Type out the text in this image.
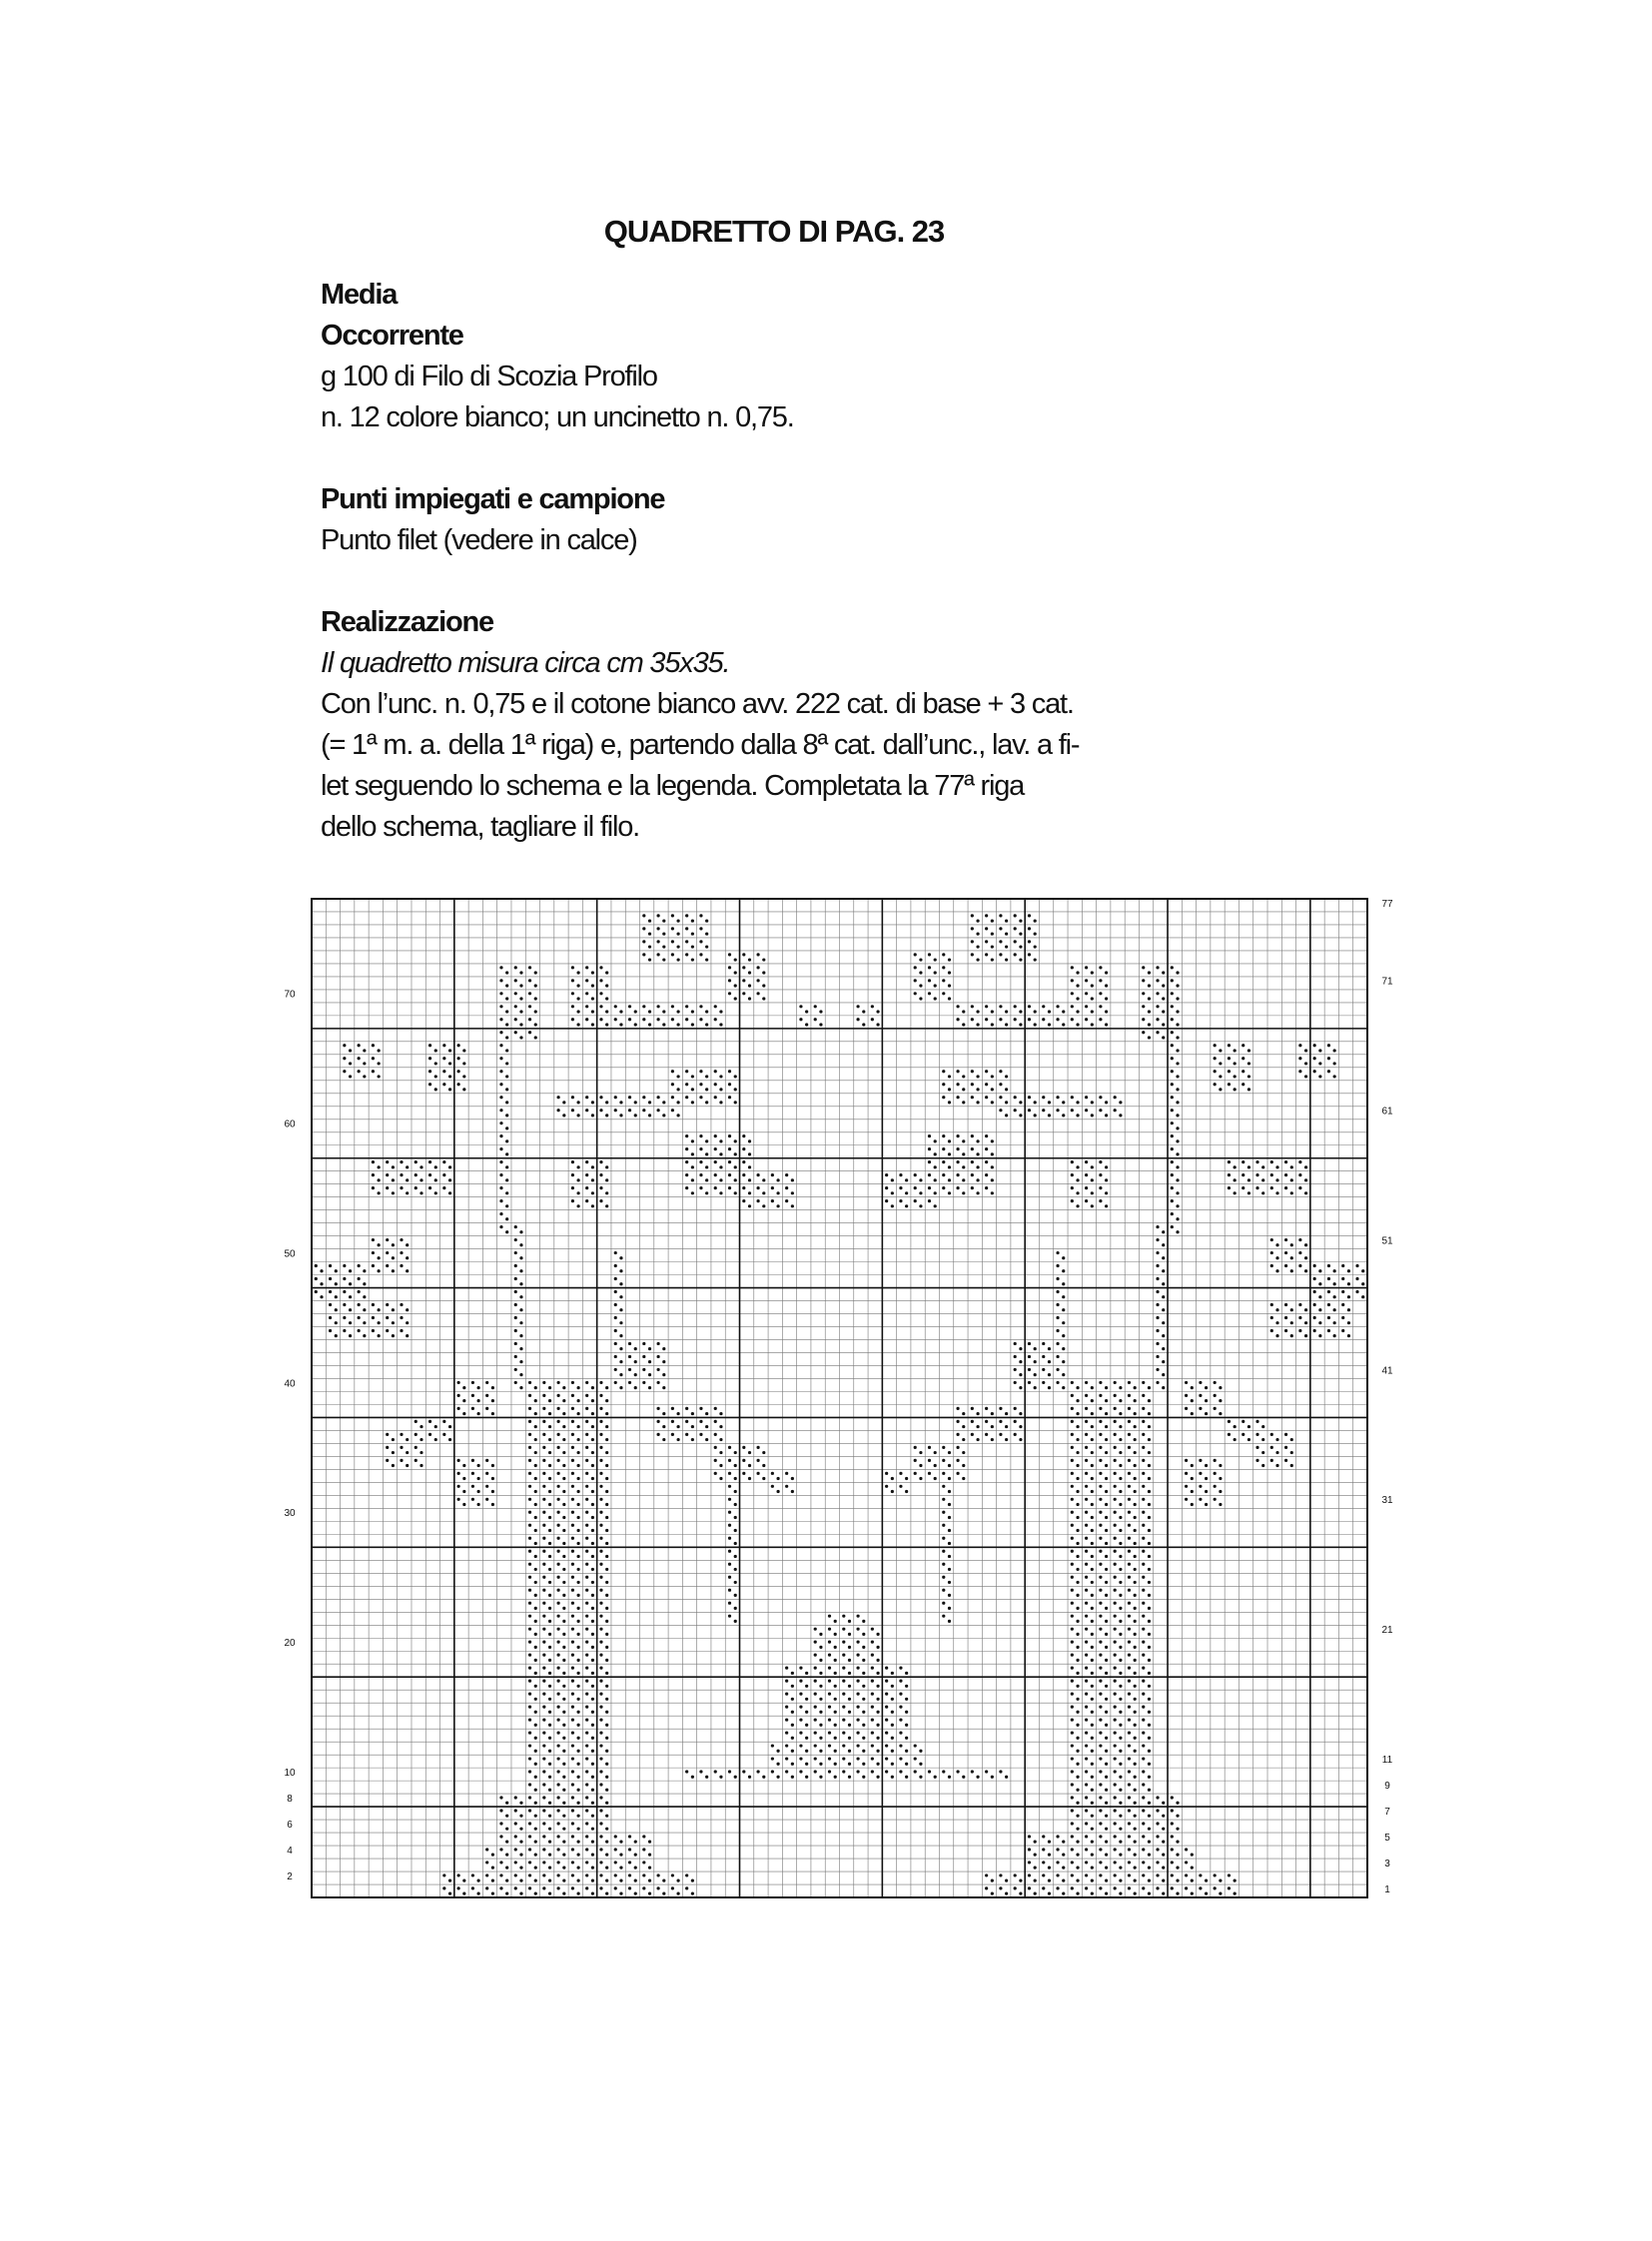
QUADRETTO DI PAG. 23
Media
Occorrente
g 100 di Filo di Scozia Profilo
n. 12 colore bianco; un uncinetto n. 0,75.
Punti impiegati e campione
Punto filet (vedere in calce)
Realizzazione
Il quadretto misura circa cm 35x35.
Con l’unc. n. 0,75 e il cotone bianco avv. 222 cat. di base + 3 cat.
(= 1ª m. a. della 1ª riga) e, partendo dalla 8ª cat. dall’unc., lav. a fi-
let seguendo lo schema e la legenda. Completata la 77ª riga
dello schema, tagliare il filo.
2
4
6
8
10
20
30
40
50
60
70
1
3
5
7
9
11
21
31
41
51
61
71
77
